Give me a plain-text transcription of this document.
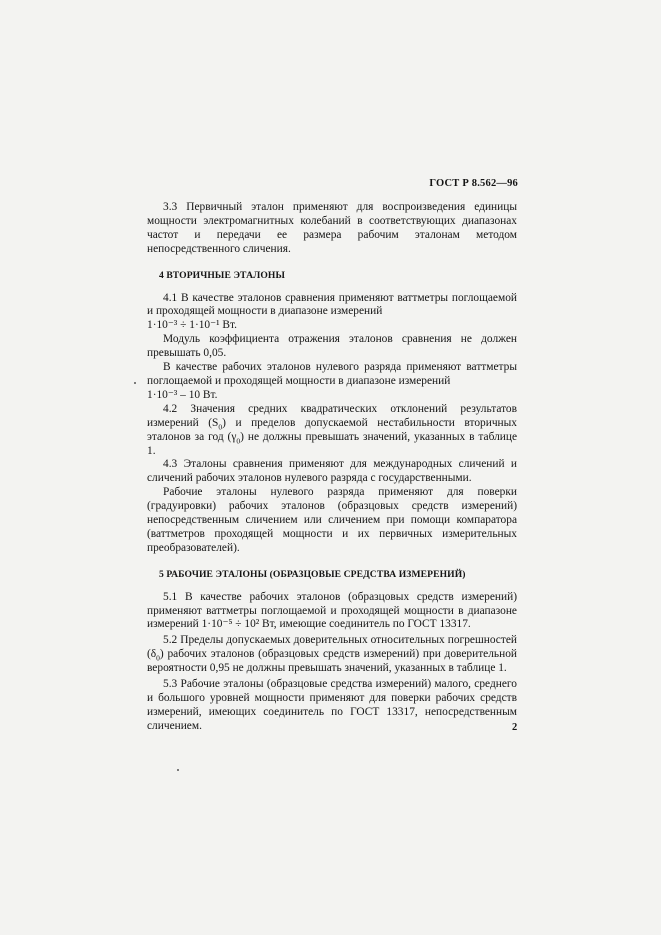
ГОСТ Р 8.562—96

3.3 Первичный эталон применяют для воспроизведения единицы мощности электромагнитных колебаний в соответствующих диапазонах частот и передачи ее размера рабочим эталонам методом непосредственного сличения.

4 ВТОРИЧНЫЕ ЭТАЛОНЫ

4.1 В качестве эталонов сравнения применяют ваттметры поглощаемой и проходящей мощности в диапазоне измерений
1·10⁻³ ÷ 1·10⁻¹ Вт.

Модуль коэффициента отражения эталонов сравнения не должен превышать 0,05.

В качестве рабочих эталонов нулевого разряда применяют ваттметры поглощаемой и проходящей мощности в диапазоне измерений
1·10⁻³ – 10 Вт.

4.2 Значения средних квадратических отклонений результатов измерений $(S_0)$ и пределов допускаемой нестабильности вторичных эталонов за год $(\gamma_0)$ не должны превышать значений, указанных в таблице 1.

4.3 Эталоны сравнения применяют для международных сличений и сличений рабочих эталонов нулевого разряда с государственными.

Рабочие эталоны нулевого разряда применяют для поверки (градуировки) рабочих эталонов (образцовых средств измерений) непосредственным сличением или сличением при помощи компаратора (ваттметров проходящей мощности и их первичных измерительных преобразователей).

5 РАБОЧИЕ ЭТАЛОНЫ (ОБРАЗЦОВЫЕ СРЕДСТВА ИЗМЕРЕНИЙ)

5.1 В качестве рабочих эталонов (образцовых средств измерений) применяют ваттметры поглощаемой и проходящей мощности в диапазоне измерений 1·10⁻⁵ ÷ 10² Вт, имеющие соединитель по ГОСТ 13317.

5.2 Пределы допускаемых доверительных относительных погрешностей $(\delta_0)$ рабочих эталонов (образцовых средств измерений) при доверительной вероятности 0,95 не должны превышать значений, указанных в таблице 1.

5.3 Рабочие эталоны (образцовые средства измерений) малого, среднего и большого уровней мощности применяют для поверки рабочих средств измерений, имеющих соединитель по ГОСТ 13317, непосредственным сличением.	2
